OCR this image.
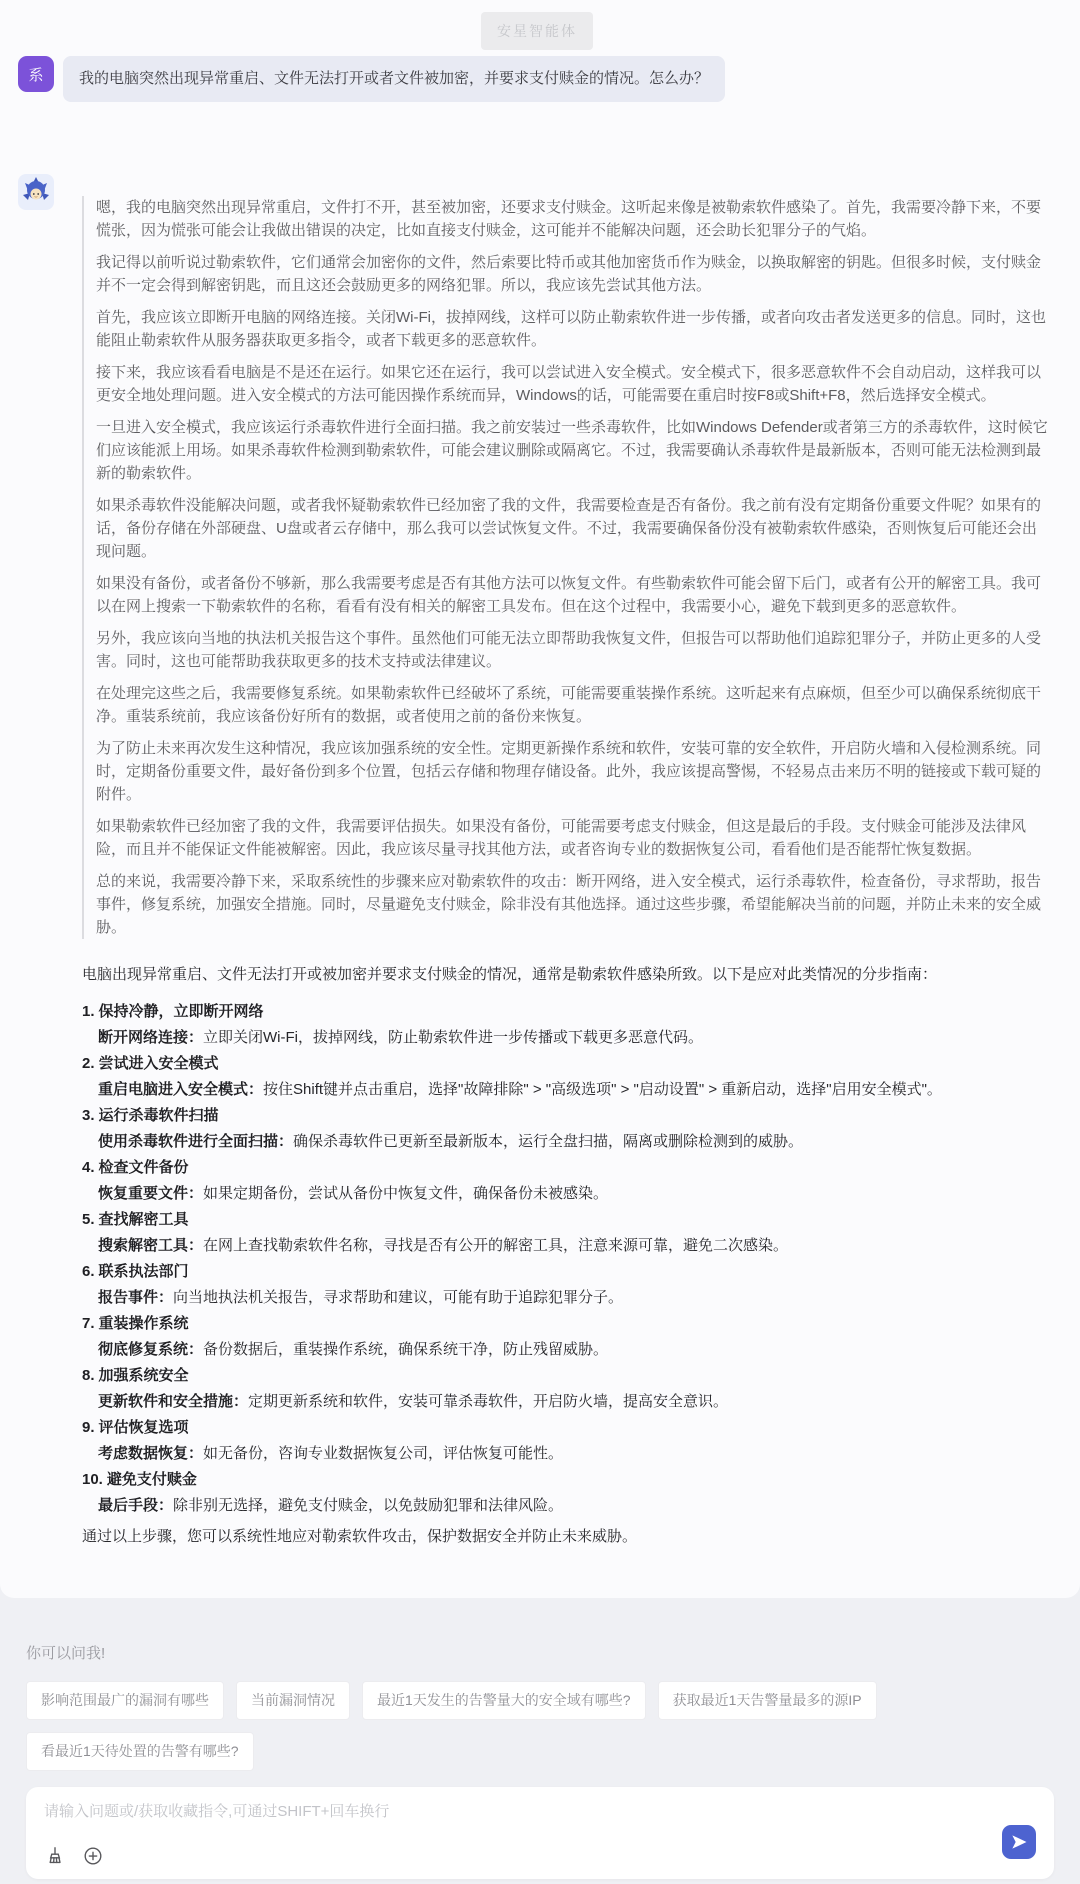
安星智能体
系	我的电脑突然出现异常重启、文件无法打开或者文件被加密，并要求支付赎金的情况。怎么办？

嗯，我的电脑突然出现异常重启，文件打不开，甚至被加密，还要求支付赎金。这听起来像是被勒索软件感染了。首先，我需要冷静下来，不要慌张，因为慌张可能会让我做出错误的决定，比如直接支付赎金，这可能并不能解决问题，还会助长犯罪分子的气焰。

我记得以前听说过勒索软件，它们通常会加密你的文件，然后索要比特币或其他加密货币作为赎金，以换取解密的钥匙。但很多时候，支付赎金并不一定会得到解密钥匙，而且这还会鼓励更多的网络犯罪。所以，我应该先尝试其他方法。

首先，我应该立即断开电脑的网络连接。关闭Wi-Fi，拔掉网线，这样可以防止勒索软件进一步传播，或者向攻击者发送更多的信息。同时，这也能阻止勒索软件从服务器获取更多指令，或者下载更多的恶意软件。

接下来，我应该看看电脑是不是还在运行。如果它还在运行，我可以尝试进入安全模式。安全模式下，很多恶意软件不会自动启动，这样我可以更安全地处理问题。进入安全模式的方法可能因操作系统而异，Windows的话，可能需要在重启时按F8或Shift+F8，然后选择安全模式。

一旦进入安全模式，我应该运行杀毒软件进行全面扫描。我之前安装过一些杀毒软件，比如Windows Defender或者第三方的杀毒软件，这时候它们应该能派上用场。如果杀毒软件检测到勒索软件，可能会建议删除或隔离它。不过，我需要确认杀毒软件是最新版本，否则可能无法检测到最新的勒索软件。

如果杀毒软件没能解决问题，或者我怀疑勒索软件已经加密了我的文件，我需要检查是否有备份。我之前有没有定期备份重要文件呢？如果有的话，备份存储在外部硬盘、U盘或者云存储中，那么我可以尝试恢复文件。不过，我需要确保备份没有被勒索软件感染，否则恢复后可能还会出现问题。

如果没有备份，或者备份不够新，那么我需要考虑是否有其他方法可以恢复文件。有些勒索软件可能会留下后门，或者有公开的解密工具。我可以在网上搜索一下勒索软件的名称，看看有没有相关的解密工具发布。但在这个过程中，我需要小心，避免下载到更多的恶意软件。

另外，我应该向当地的执法机关报告这个事件。虽然他们可能无法立即帮助我恢复文件，但报告可以帮助他们追踪犯罪分子，并防止更多的人受害。同时，这也可能帮助我获取更多的技术支持或法律建议。

在处理完这些之后，我需要修复系统。如果勒索软件已经破坏了系统，可能需要重装操作系统。这听起来有点麻烦，但至少可以确保系统彻底干净。重装系统前，我应该备份好所有的数据，或者使用之前的备份来恢复。

为了防止未来再次发生这种情况，我应该加强系统的安全性。定期更新操作系统和软件，安装可靠的安全软件，开启防火墙和入侵检测系统。同时，定期备份重要文件，最好备份到多个位置，包括云存储和物理存储设备。此外，我应该提高警惕，不轻易点击来历不明的链接或下载可疑的附件。

如果勒索软件已经加密了我的文件，我需要评估损失。如果没有备份，可能需要考虑支付赎金，但这是最后的手段。支付赎金可能涉及法律风险，而且并不能保证文件能被解密。因此，我应该尽量寻找其他方法，或者咨询专业的数据恢复公司，看看他们是否能帮忙恢复数据。

总的来说，我需要冷静下来，采取系统性的步骤来应对勒索软件的攻击：断开网络，进入安全模式，运行杀毒软件，检查备份，寻求帮助，报告事件，修复系统，加强安全措施。同时，尽量避免支付赎金，除非没有其他选择。通过这些步骤，希望能解决当前的问题，并防止未来的安全威胁。

电脑出现异常重启、文件无法打开或被加密并要求支付赎金的情况，通常是勒索软件感染所致。以下是应对此类情况的分步指南：

1. 保持冷静，立即断开网络
断开网络连接：立即关闭Wi-Fi，拔掉网线，防止勒索软件进一步传播或下载更多恶意代码。
2. 尝试进入安全模式
重启电脑进入安全模式：按住Shift键并点击重启，选择"故障排除" > "高级选项" > "启动设置" > 重新启动，选择"启用安全模式"。
3. 运行杀毒软件扫描
使用杀毒软件进行全面扫描：确保杀毒软件已更新至最新版本，运行全盘扫描，隔离或删除检测到的威胁。
4. 检查文件备份
恢复重要文件：如果定期备份，尝试从备份中恢复文件，确保备份未被感染。
5. 查找解密工具
搜索解密工具：在网上查找勒索软件名称，寻找是否有公开的解密工具，注意来源可靠，避免二次感染。
6. 联系执法部门
报告事件：向当地执法机关报告，寻求帮助和建议，可能有助于追踪犯罪分子。
7. 重装操作系统
彻底修复系统：备份数据后，重装操作系统，确保系统干净，防止残留威胁。
8. 加强系统安全
更新软件和安全措施：定期更新系统和软件，安装可靠杀毒软件，开启防火墙，提高安全意识。
9. 评估恢复选项
考虑数据恢复：如无备份，咨询专业数据恢复公司，评估恢复可能性。
10. 避免支付赎金
最后手段：除非别无选择，避免支付赎金，以免鼓励犯罪和法律风险。

通过以上步骤，您可以系统性地应对勒索软件攻击，保护数据安全并防止未来威胁。

你可以问我!
影响范围最广的漏洞有哪些	当前漏洞情况	最近1天发生的告警量大的安全域有哪些?	获取最近1天告警量最多的源IP
看最近1天待处置的告警有哪些?
请输入问题或/获取收藏指令,可通过SHIFT+回车换行
